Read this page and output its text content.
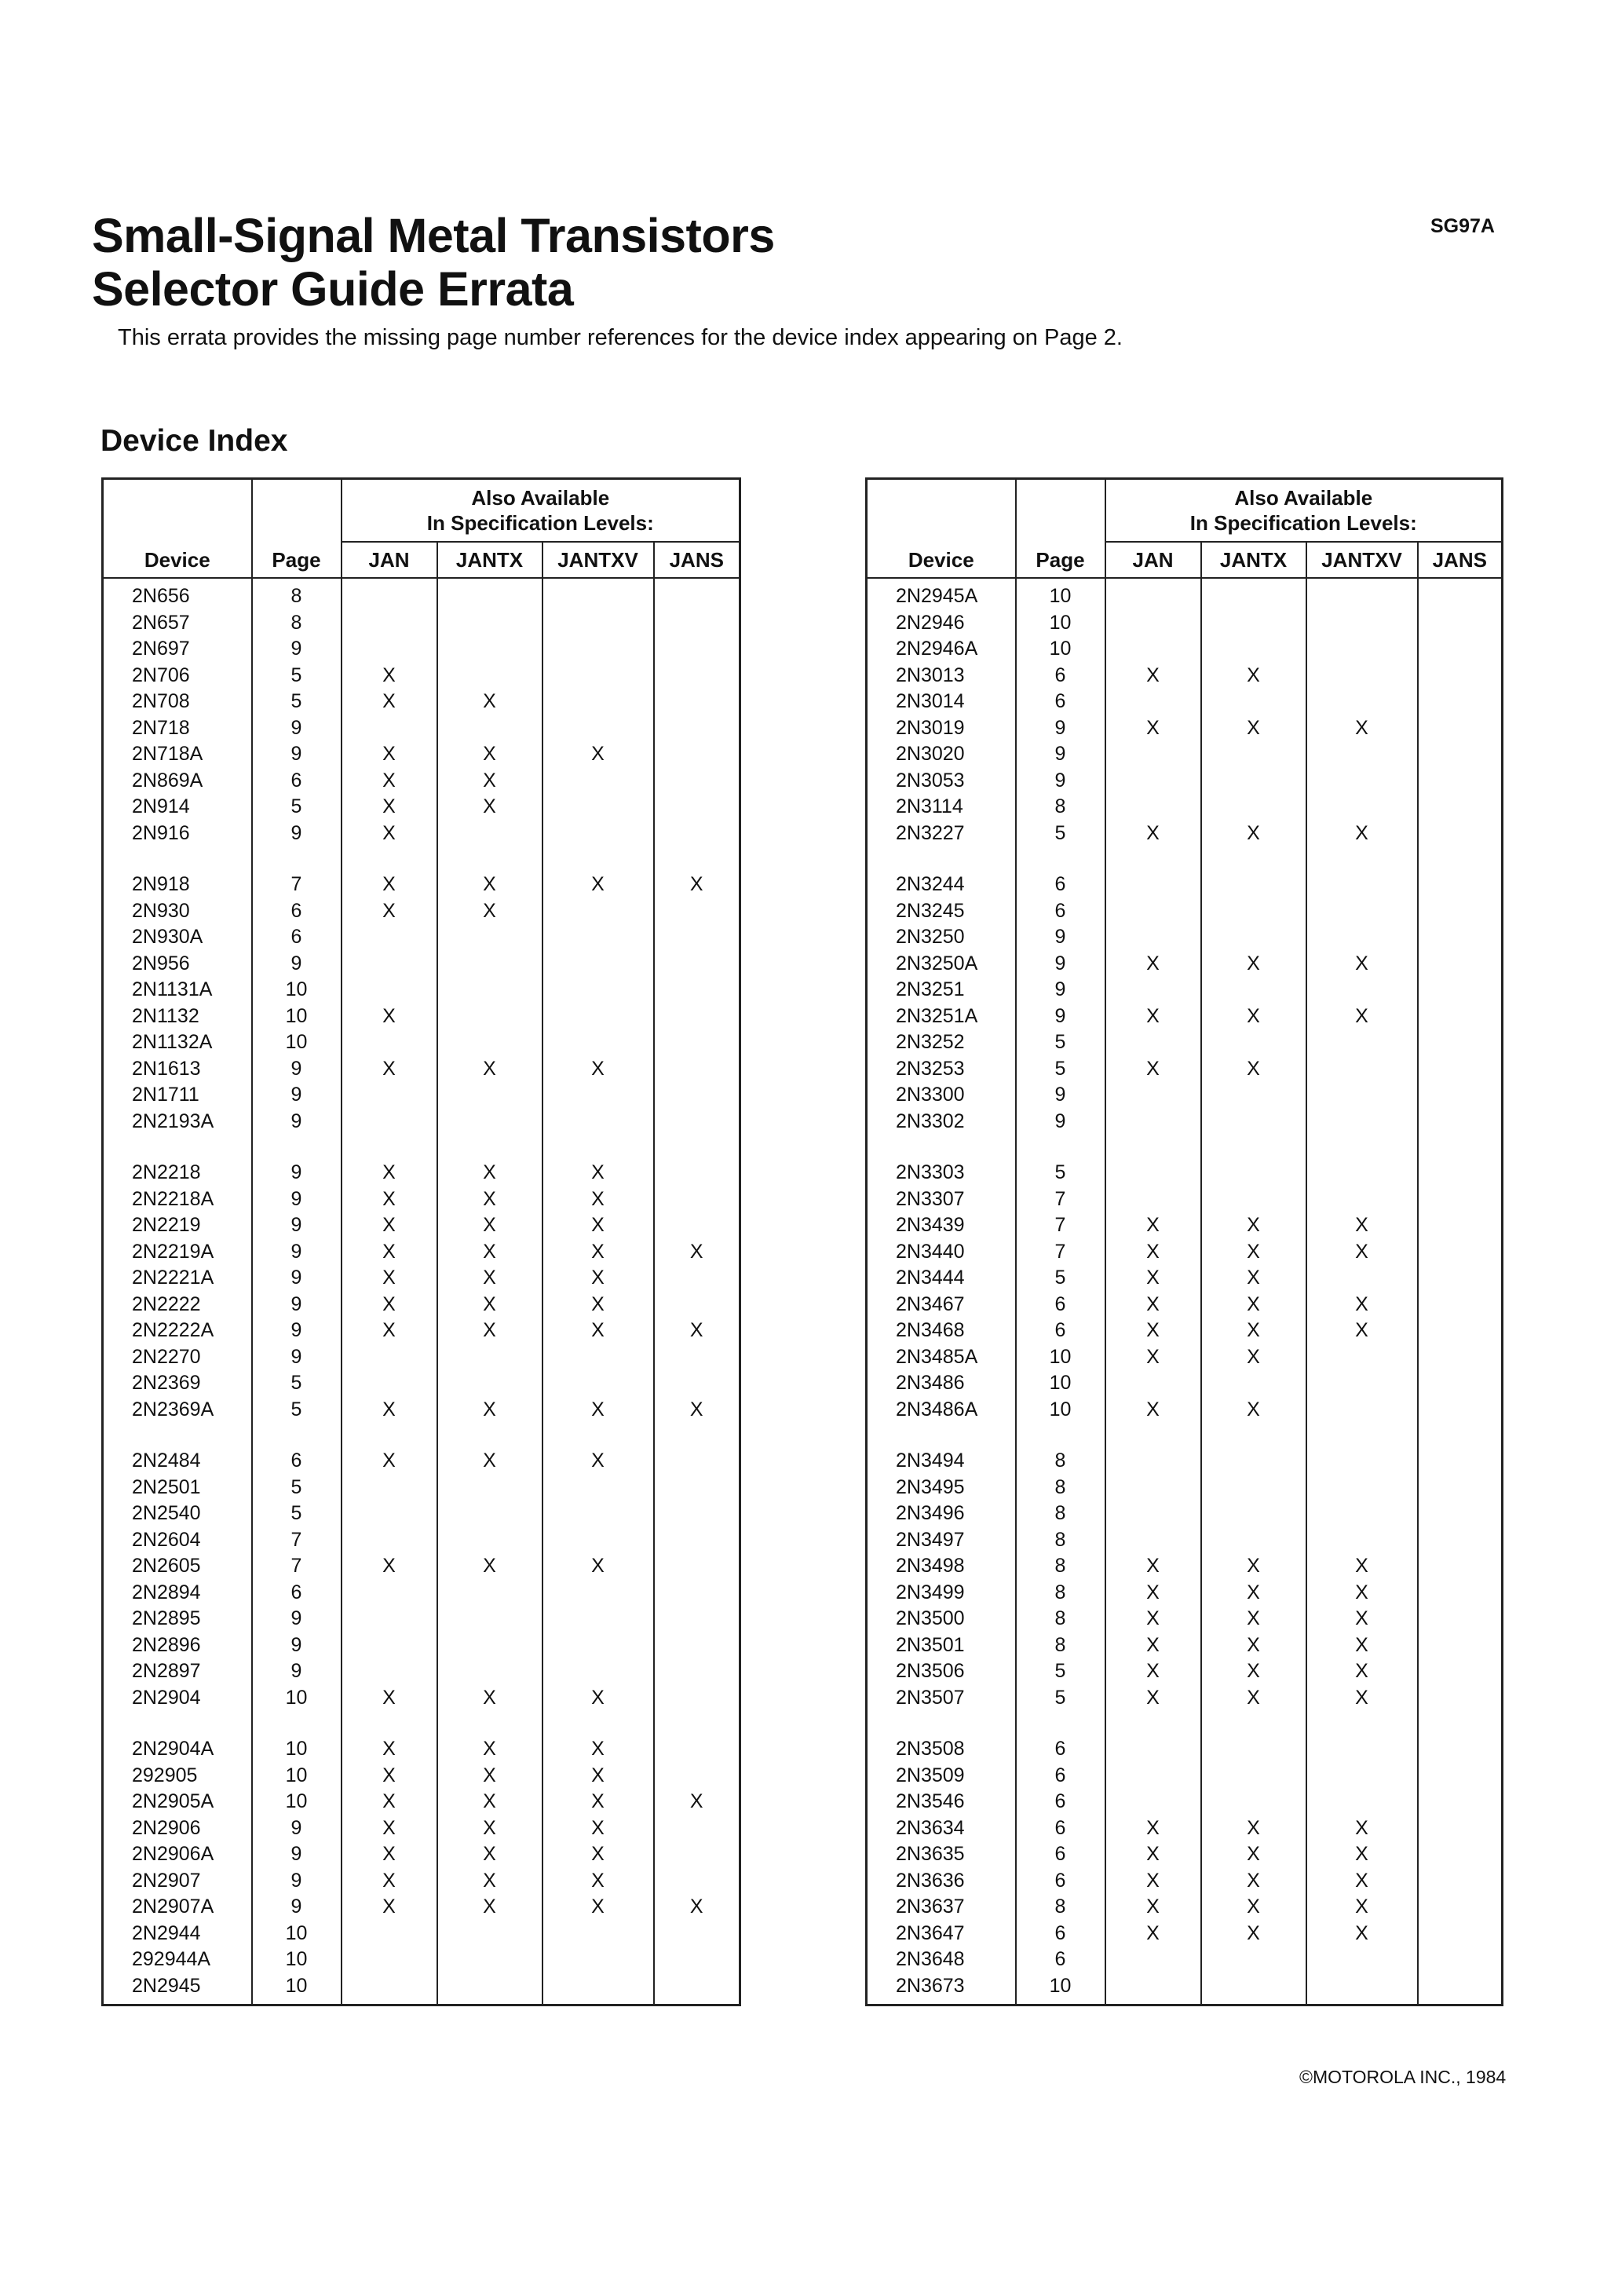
SG97A
Small-Signal Metal Transistors
Selector Guide Errata
This errata provides the missing page number references for the device index appearing on Page 2.
Device Index
Device	Page	Also Available
In Specification Levels:			

		JAN	JANTX	JANTXV	JANS
2N656	8				
2N657	8				
2N697	9				
2N706	5	X			
2N708	5	X	X		
2N718	9				
2N718A	9	X	X	X	
2N869A	6	X	X		
2N914	5	X	X		
2N916	9	X			
2N918	7	X	X	X	X
2N930	6	X	X		
2N930A	6				
2N956	9				
2N1131A	10				
2N1132	10	X			
2N1132A	10				
2N1613	9	X	X	X	
2N1711	9				
2N2193A	9				
2N2218	9	X	X	X	
2N2218A	9	X	X	X	
2N2219	9	X	X	X	
2N2219A	9	X	X	X	X
2N2221A	9	X	X	X	
2N2222	9	X	X	X	
2N2222A	9	X	X	X	X
2N2270	9				
2N2369	5				
2N2369A	5	X	X	X	X
2N2484	6	X	X	X	
2N2501	5				
2N2540	5				
2N2604	7				
2N2605	7	X	X	X	
2N2894	6				
2N2895	9				
2N2896	9				
2N2897	9				
2N2904	10	X	X	X	
2N2904A	10	X	X	X	
292905	10	X	X	X	
2N2905A	10	X	X	X	X
2N2906	9	X	X	X	
2N2906A	9	X	X	X	
2N2907	9	X	X	X	
2N2907A	9	X	X	X	X
2N2944	10				
292944A	10				
2N2945	10				
Device	Page	Also Available
In Specification Levels:			

		JAN	JANTX	JANTXV	JANS
2N2945A	10				
2N2946	10				
2N2946A	10				
2N3013	6	X	X		
2N3014	6				
2N3019	9	X	X	X	
2N3020	9				
2N3053	9				
2N3114	8				
2N3227	5	X	X	X	
2N3244	6				
2N3245	6				
2N3250	9				
2N3250A	9	X	X	X	
2N3251	9				
2N3251A	9	X	X	X	
2N3252	5				
2N3253	5	X	X		
2N3300	9				
2N3302	9				
2N3303	5				
2N3307	7				
2N3439	7	X	X	X	
2N3440	7	X	X	X	
2N3444	5	X	X		
2N3467	6	X	X	X	
2N3468	6	X	X	X	
2N3485A	10	X	X		
2N3486	10				
2N3486A	10	X	X		
2N3494	8				
2N3495	8				
2N3496	8				
2N3497	8				
2N3498	8	X	X	X	
2N3499	8	X	X	X	
2N3500	8	X	X	X	
2N3501	8	X	X	X	
2N3506	5	X	X	X	
2N3507	5	X	X	X	
2N3508	6				
2N3509	6				
2N3546	6				
2N3634	6	X	X	X	
2N3635	6	X	X	X	
2N3636	6	X	X	X	
2N3637	8	X	X	X	
2N3647	6	X	X	X	
2N3648	6				
2N3673	10				
©MOTOROLA INC., 1984
